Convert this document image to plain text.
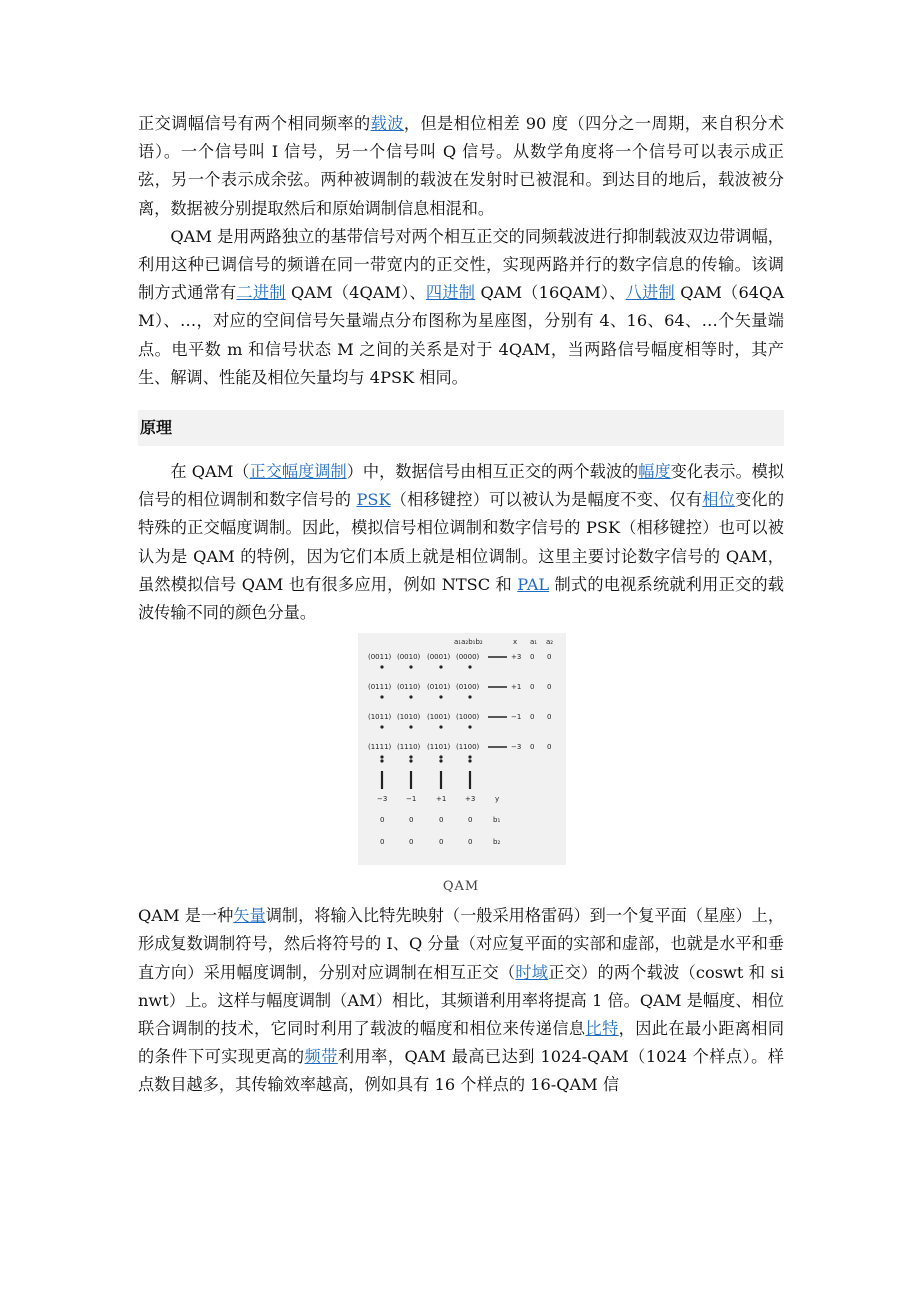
正交调幅信号有两个相同频率的载波，但是相位相差 90 度（四分之一周期，来自积分术语）。一个信号叫 I 信号，另一个信号叫 Q 信号。从数学角度将一个信号可以表示成正弦，另一个表示成余弦。两种被调制的载波在发射时已被混和。到达目的地后，载波被分离，数据被分别提取然后和原始调制信息相混和。

QAM 是用两路独立的基带信号对两个相互正交的同频载波进行抑制载波双边带调幅，利用这种已调信号的频谱在同一带宽内的正交性，实现两路并行的数字信息的传输。该调制方式通常有二进制 QAM（4QAM）、四进制 QAM（16QAM）、八进制 QAM（64QAM）、…，对应的空间信号矢量端点分布图称为星座图，分别有 4、16、64、…个矢量端点。电平数 m 和信号状态 M 之间的关系是对于 4QAM，当两路信号幅度相等时，其产生、解调、性能及相位矢量均与 4PSK 相同。

原理

在 QAM（正交幅度调制）中，数据信号由相互正交的两个载波的幅度变化表示。模拟信号的相位调制和数字信号的 PSK（相移键控）可以被认为是幅度不变、仅有相位变化的特殊的正交幅度调制。因此，模拟信号相位调制和数字信号的 PSK（相移键控）也可以被认为是 QAM 的特例，因为它们本质上就是相位调制。这里主要讨论数字信号的 QAM，虽然模拟信号 QAM 也有很多应用，例如 NTSC 和 PAL 制式的电视系统就利用正交的载波传输不同的颜色分量。

a₁a₂b₁b₂	x a₁ a₂
(0011) (0010) (0001) (0000)	+3 0 0
(0111) (0110) (0101) (0100)	+1 0 0
(1011) (1010) (1001) (1000)	−1 0 0
(1111) (1110) (1101) (1100)	−3 0 0
−3	−1	+1	+3	y
0	0	0	0	b₁
0	0	0	0	b₂
QAM

QAM 是一种矢量调制，将输入比特先映射（一般采用格雷码）到一个复平面（星座）上，形成复数调制符号，然后将符号的 I、Q 分量（对应复平面的实部和虚部，也就是水平和垂直方向）采用幅度调制，分别对应调制在相互正交（时域正交）的两个载波（coswt 和 sinwt）上。这样与幅度调制（AM）相比，其频谱利用率将提高 1 倍。QAM 是幅度、相位联合调制的技术，它同时利用了载波的幅度和相位来传递信息比特，因此在最小距离相同的条件下可实现更高的频带利用率，QAM 最高已达到 1024-QAM（1024 个样点）。样点数目越多，其传输效率越高，例如具有 16 个样点的 16-QAM 信
